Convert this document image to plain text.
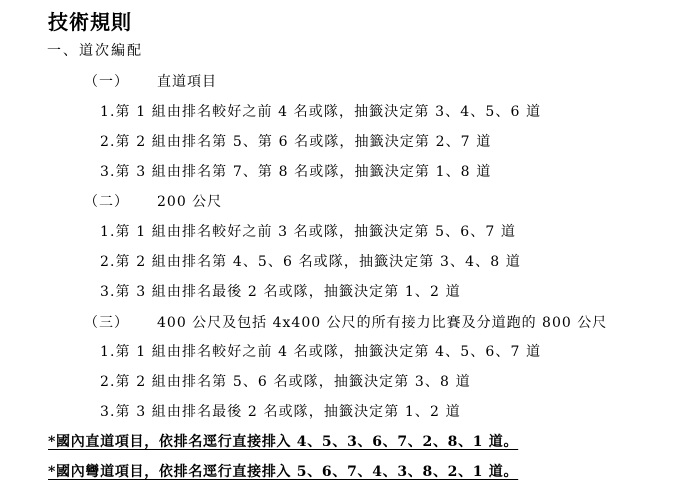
技術規則
一、道次編配
（一） 直道項目
1.第 1 組由排名較好之前 4 名或隊，抽籤決定第 3、4、5、6 道
2.第 2 組由排名第 5、第 6 名或隊，抽籤決定第 2、7 道
3.第 3 組由排名第 7、第 8 名或隊，抽籤決定第 1、8 道
（二） 200 公尺
1.第 1 組由排名較好之前 3 名或隊，抽籤決定第 5、6、7 道
2.第 2 組由排名第 4、5、6 名或隊，抽籤決定第 3、4、8 道
3.第 3 組由排名最後 2 名或隊，抽籤決定第 1、2 道
（三） 400 公尺及包括 4x400 公尺的所有接力比賽及分道跑的 800 公尺
1.第 1 組由排名較好之前 4 名或隊，抽籤決定第 4、5、6、7 道
2.第 2 組由排名第 5、6 名或隊，抽籤決定第 3、8 道
3.第 3 組由排名最後 2 名或隊，抽籤決定第 1、2 道
*國內直道項目，依排名逕行直接排入 4、5、3、6、7、2、8、1 道。
*國內彎道項目，依排名逕行直接排入 5、6、7、4、3、8、2、1 道。
